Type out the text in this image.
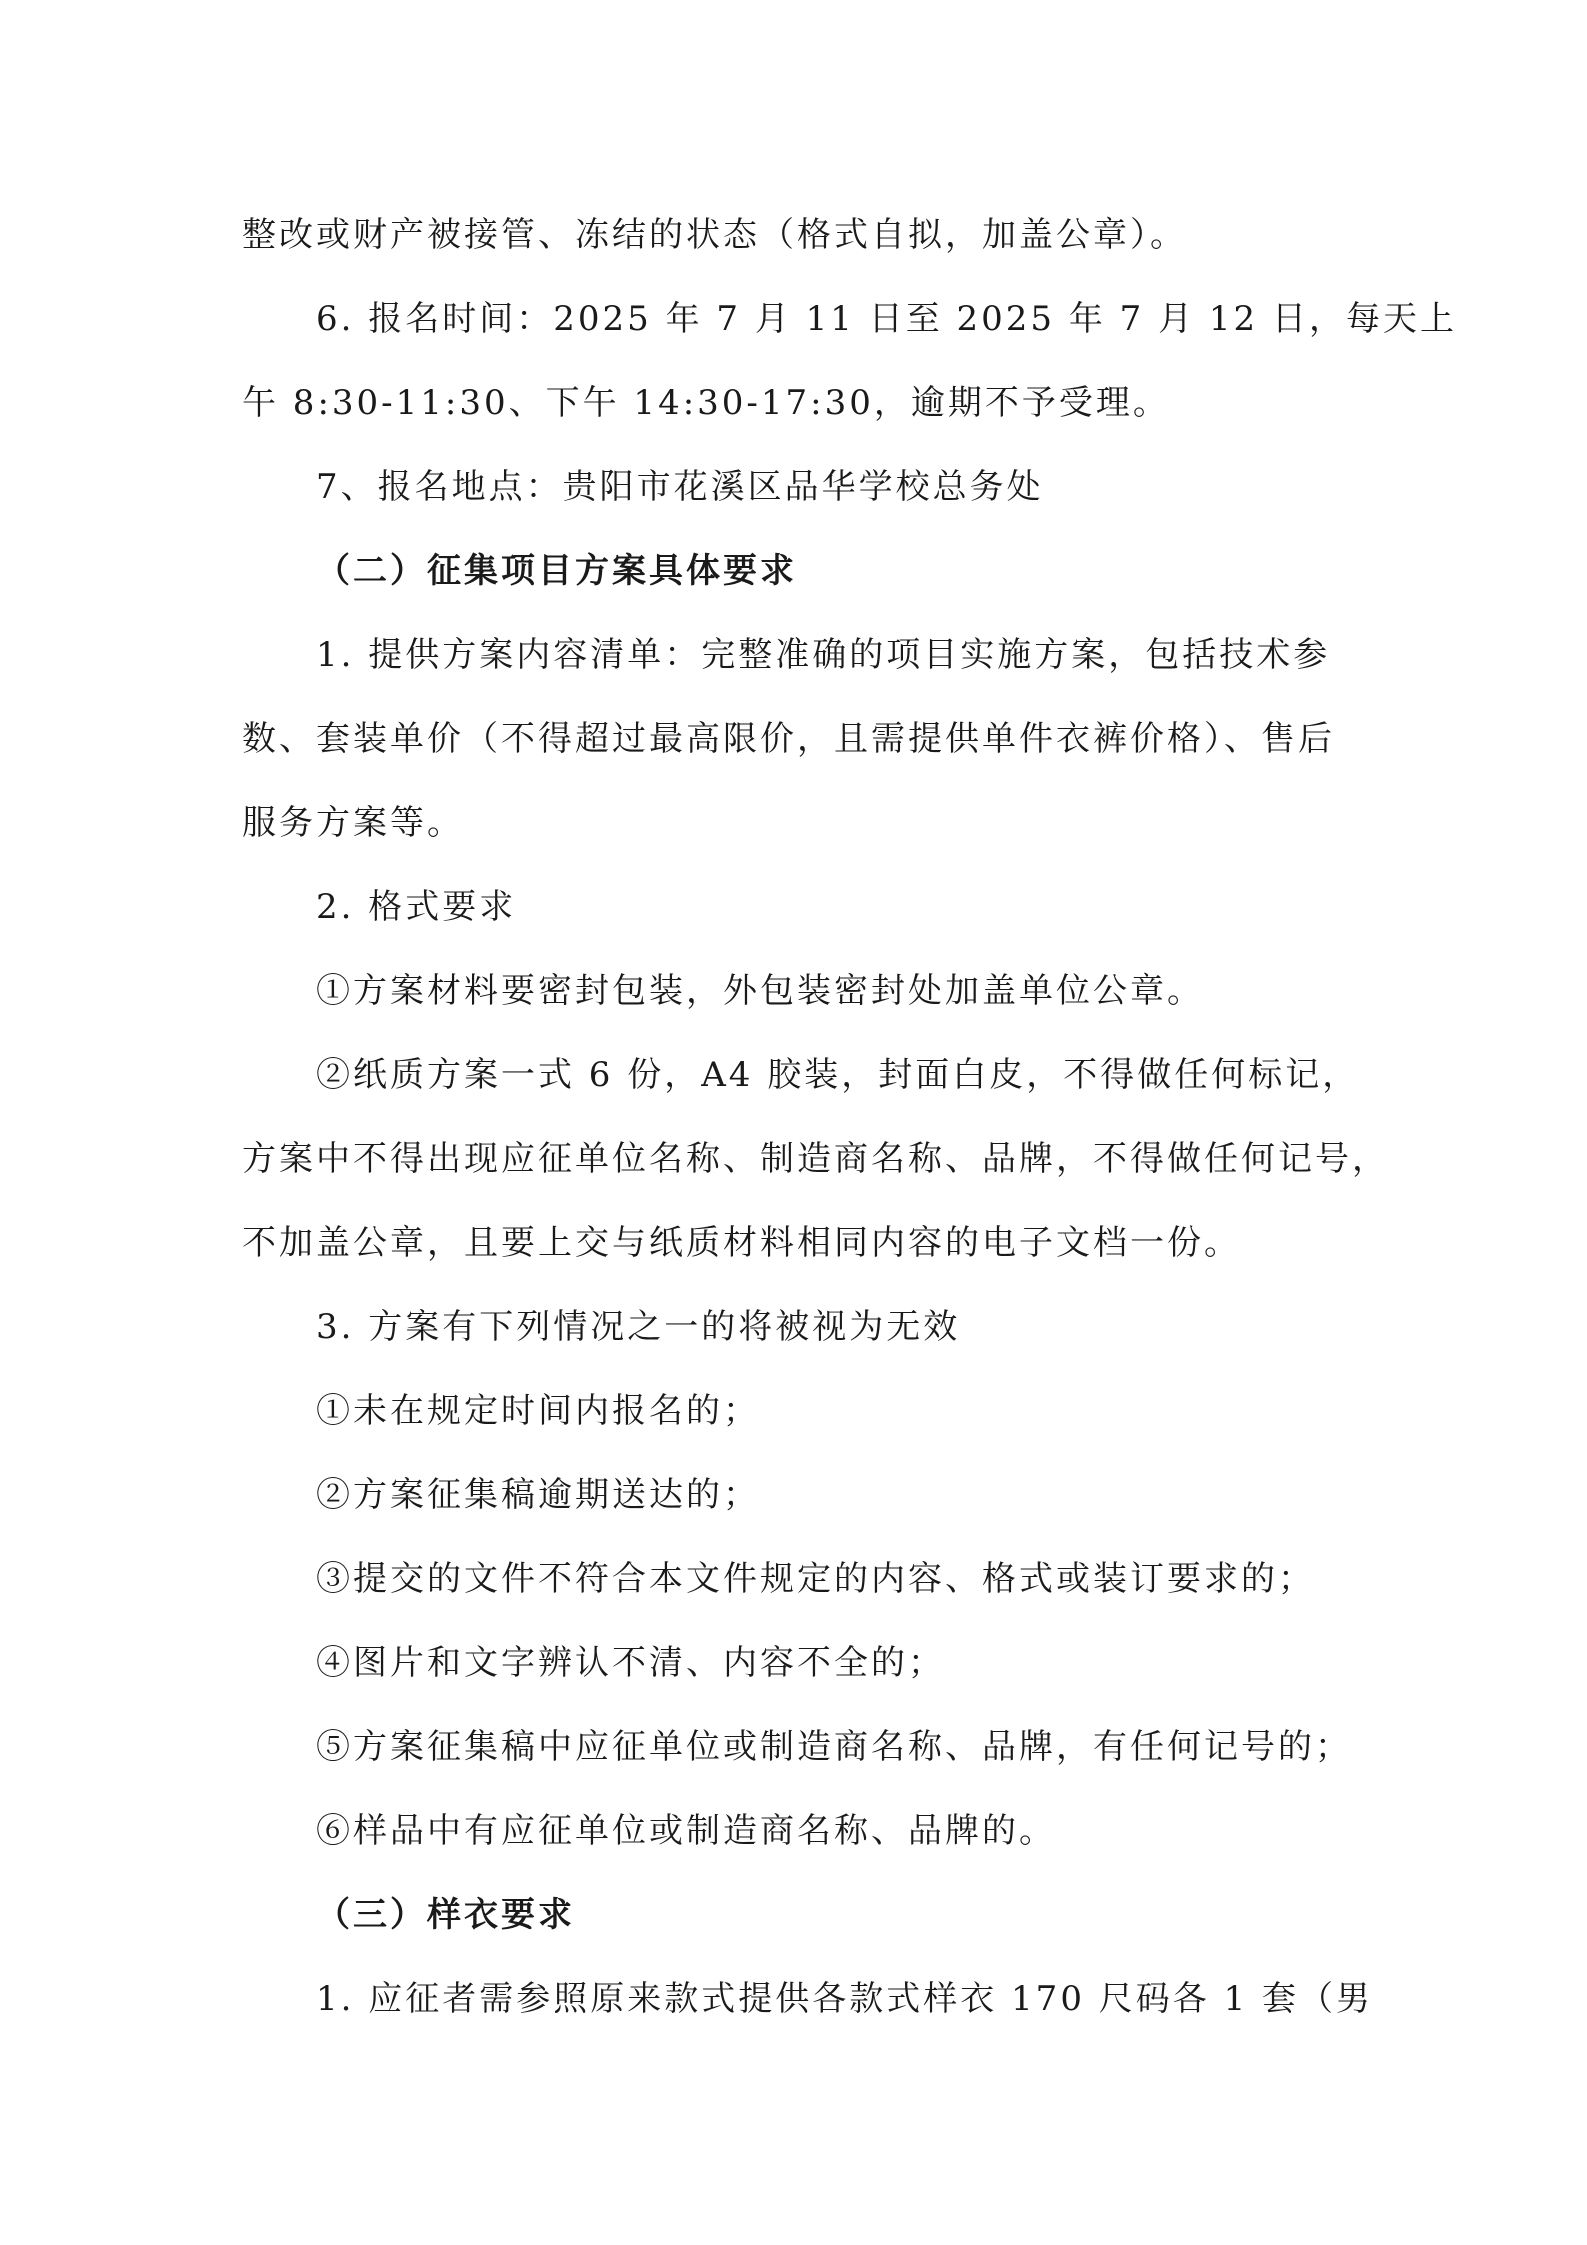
整改或财产被接管、冻结的状态（格式自拟，加盖公章）。
6. 报名时间：2025 年 7 月 11 日至 2025 年 7 月 12 日，每天上
午 8:30-11:30、下午 14:30-17:30，逾期不予受理。
7、报名地点：贵阳市花溪区品华学校总务处
（二）征集项目方案具体要求
1. 提供方案内容清单：完整准确的项目实施方案，包括技术参
数、套装单价（不得超过最高限价，且需提供单件衣裤价格）、售后
服务方案等。
2. 格式要求
①方案材料要密封包装，外包装密封处加盖单位公章。
②纸质方案一式 6 份，A4 胶装，封面白皮，不得做任何标记，
方案中不得出现应征单位名称、制造商名称、品牌，不得做任何记号，
不加盖公章，且要上交与纸质材料相同内容的电子文档一份。
3. 方案有下列情况之一的将被视为无效
①未在规定时间内报名的；
②方案征集稿逾期送达的；
③提交的文件不符合本文件规定的内容、格式或装订要求的；
④图片和文字辨认不清、内容不全的；
⑤方案征集稿中应征单位或制造商名称、品牌，有任何记号的；
⑥样品中有应征单位或制造商名称、品牌的。
（三）样衣要求
1. 应征者需参照原来款式提供各款式样衣 170 尺码各 1 套（男
